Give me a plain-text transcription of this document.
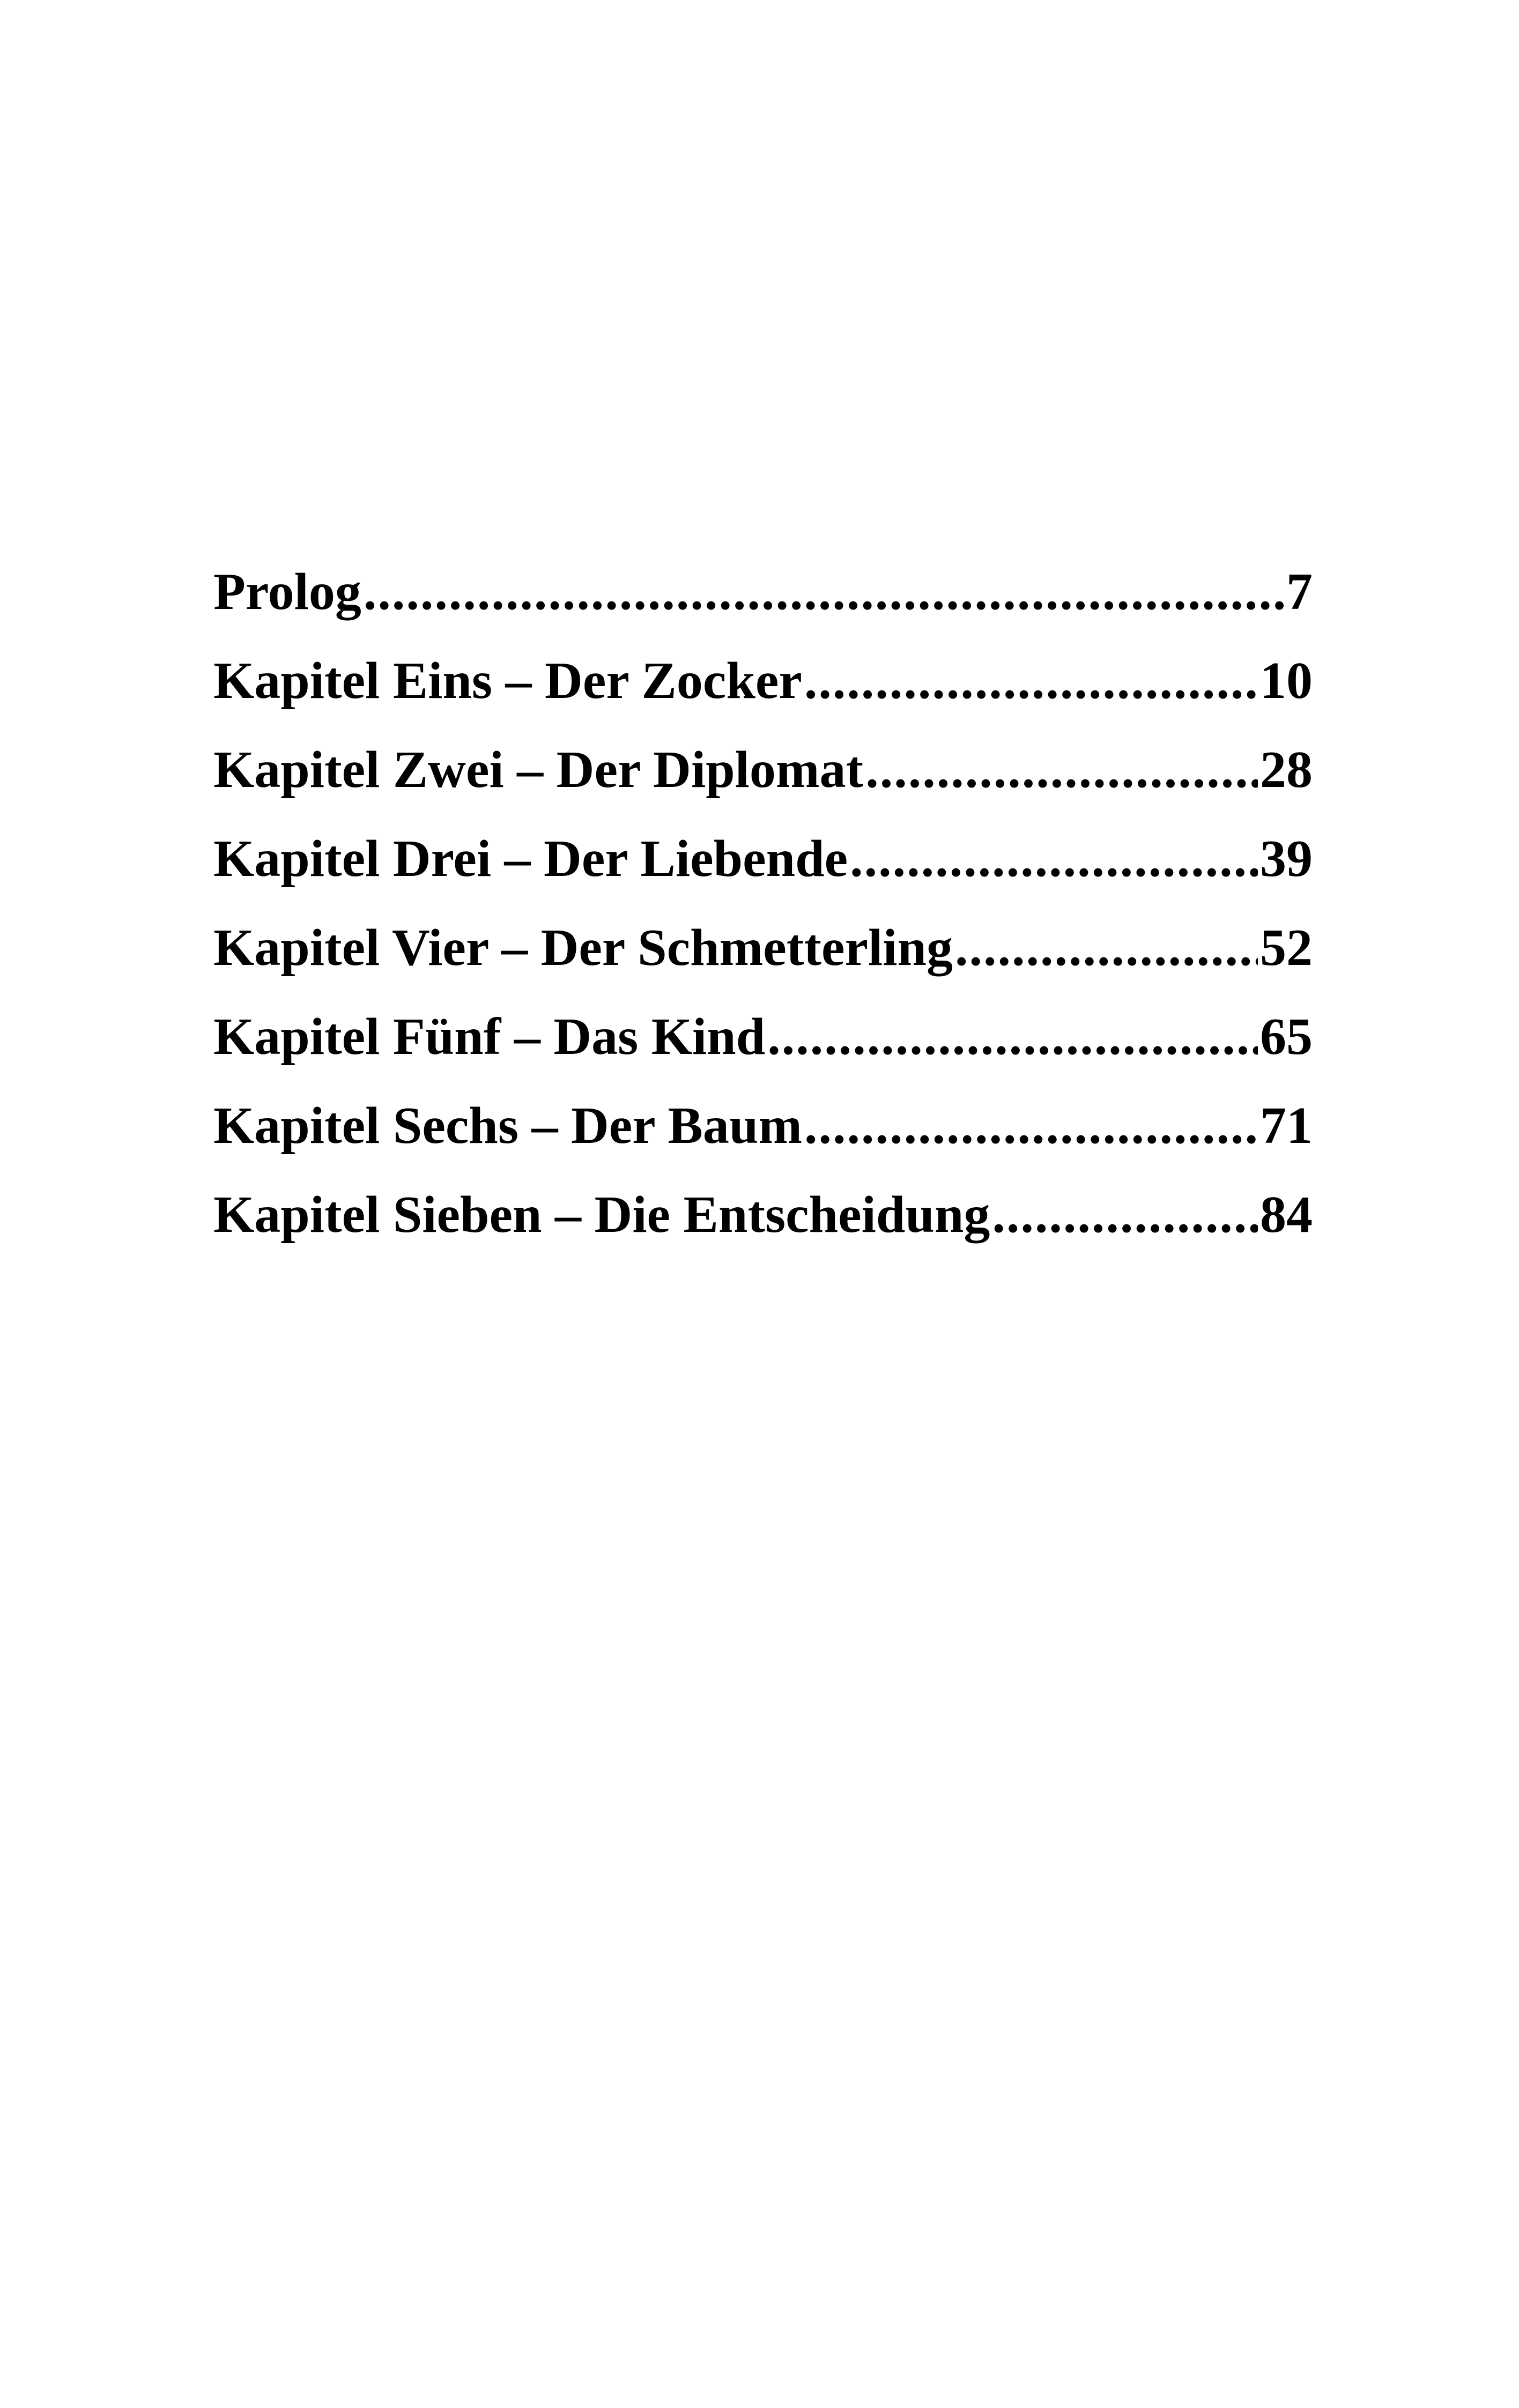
Prolog .....	7
Kapitel Eins – Der Zocker .....	10
Kapitel Zwei – Der Diplomat .....	28
Kapitel Drei – Der Liebende .....	39
Kapitel Vier – Der Schmetterling .....	52
Kapitel Fünf – Das Kind .....	65
Kapitel Sechs – Der Baum .....	71
Kapitel Sieben – Die Entscheidung .....	84
